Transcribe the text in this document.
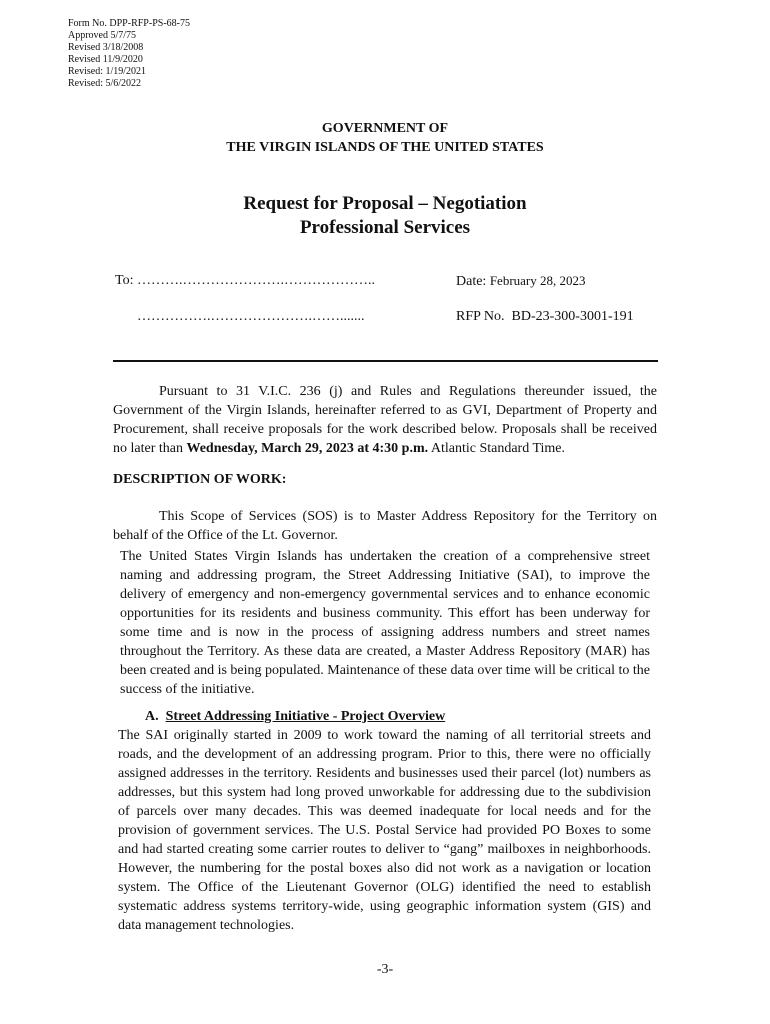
Form No. DPP-RFP-PS-68-75
Approved 5/7/75
Revised 3/18/2008
Revised 11/9/2020
Revised: 1/19/2021
Revised: 5/6/2022
GOVERNMENT OF
THE VIRGIN ISLANDS OF THE UNITED STATES
Request for Proposal – Negotiation
Professional Services
To: ……….………………….………………..
…………….………………….…….......
Date: February 28, 2023
RFP No. BD-23-300-3001-191
Pursuant to 31 V.I.C. 236 (j) and Rules and Regulations thereunder issued, the Government of the Virgin Islands, hereinafter referred to as GVI, Department of Property and Procurement, shall receive proposals for the work described below. Proposals shall be received no later than Wednesday, March 29, 2023 at 4:30 p.m. Atlantic Standard Time.
DESCRIPTION OF WORK:
This Scope of Services (SOS) is to Master Address Repository for the Territory on behalf of the Office of the Lt. Governor.
The United States Virgin Islands has undertaken the creation of a comprehensive street naming and addressing program, the Street Addressing Initiative (SAI), to improve the delivery of emergency and non-emergency governmental services and to enhance economic opportunities for its residents and business community. This effort has been underway for some time and is now in the process of assigning address numbers and street names throughout the Territory. As these data are created, a Master Address Repository (MAR) has been created and is being populated. Maintenance of these data over time will be critical to the success of the initiative.
A. Street Addressing Initiative - Project Overview
The SAI originally started in 2009 to work toward the naming of all territorial streets and roads, and the development of an addressing program. Prior to this, there were no officially assigned addresses in the territory. Residents and businesses used their parcel (lot) numbers as addresses, but this system had long proved unworkable for addressing due to the subdivision of parcels over many decades. This was deemed inadequate for local needs and for the provision of government services. The U.S. Postal Service had provided PO Boxes to some and had started creating some carrier routes to deliver to “gang” mailboxes in neighborhoods. However, the numbering for the postal boxes also did not work as a navigation or location system. The Office of the Lieutenant Governor (OLG) identified the need to establish systematic address systems territory-wide, using geographic information system (GIS) and data management technologies.
-3-
